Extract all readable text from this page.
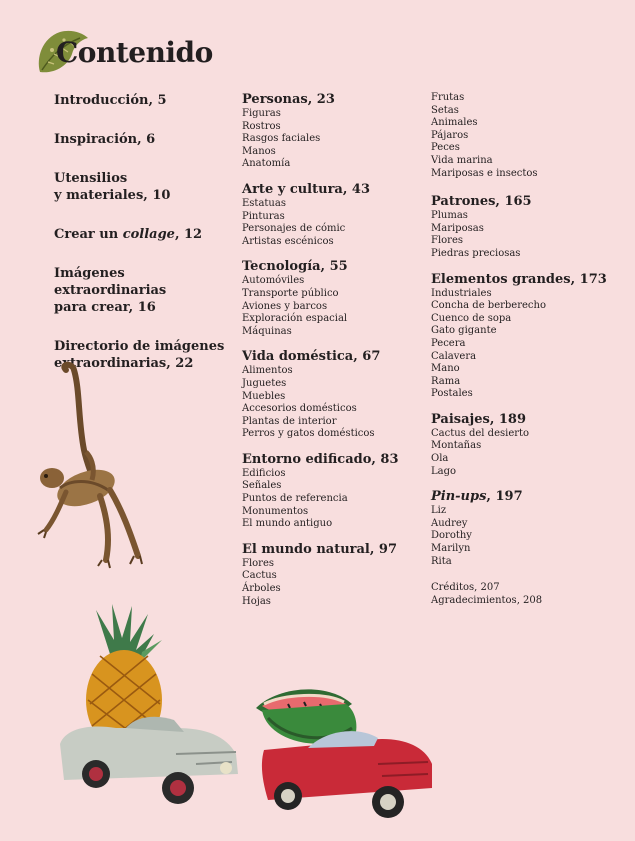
Contenido

Introducción, 5

Inspiración, 6

Utensilios
y materiales, 10

Crear un collage, 12

Imágenes
extraordinarias
para crear, 16

Directorio de imágenes
extraordinarias, 22

Personas, 23

Figuras

Rostros

Rasgos faciales

Manos

Anatomía

Arte y cultura, 43

Estatuas

Pinturas

Personajes de cómic

Artistas escénicos

Tecnología, 55

Automóviles

Transporte público

Aviones y barcos

Exploración espacial

Máquinas

Vida doméstica, 67

Alimentos

Juguetes

Muebles

Accesorios domésticos

Plantas de interior

Perros y gatos domésticos

Entorno edificado, 83

Edificios

Señales

Puntos de referencia

Monumentos

El mundo antiguo

El mundo natural, 97

Flores

Cactus

Árboles

Hojas

Frutas

Setas

Animales

Pájaros

Peces

Vida marina

Mariposas e insectos

Patrones, 165

Plumas

Mariposas

Flores

Piedras preciosas

Elementos grandes, 173

Industriales

Concha de berberecho

Cuenco de sopa

Gato gigante

Pecera

Calavera

Mano

Rama

Postales

Paisajes, 189

Cactus del desierto

Montañas

Ola

Lago

Pin-ups, 197

Liz

Audrey

Dorothy

Marilyn

Rita

Créditos, 207

Agradecimientos, 208
